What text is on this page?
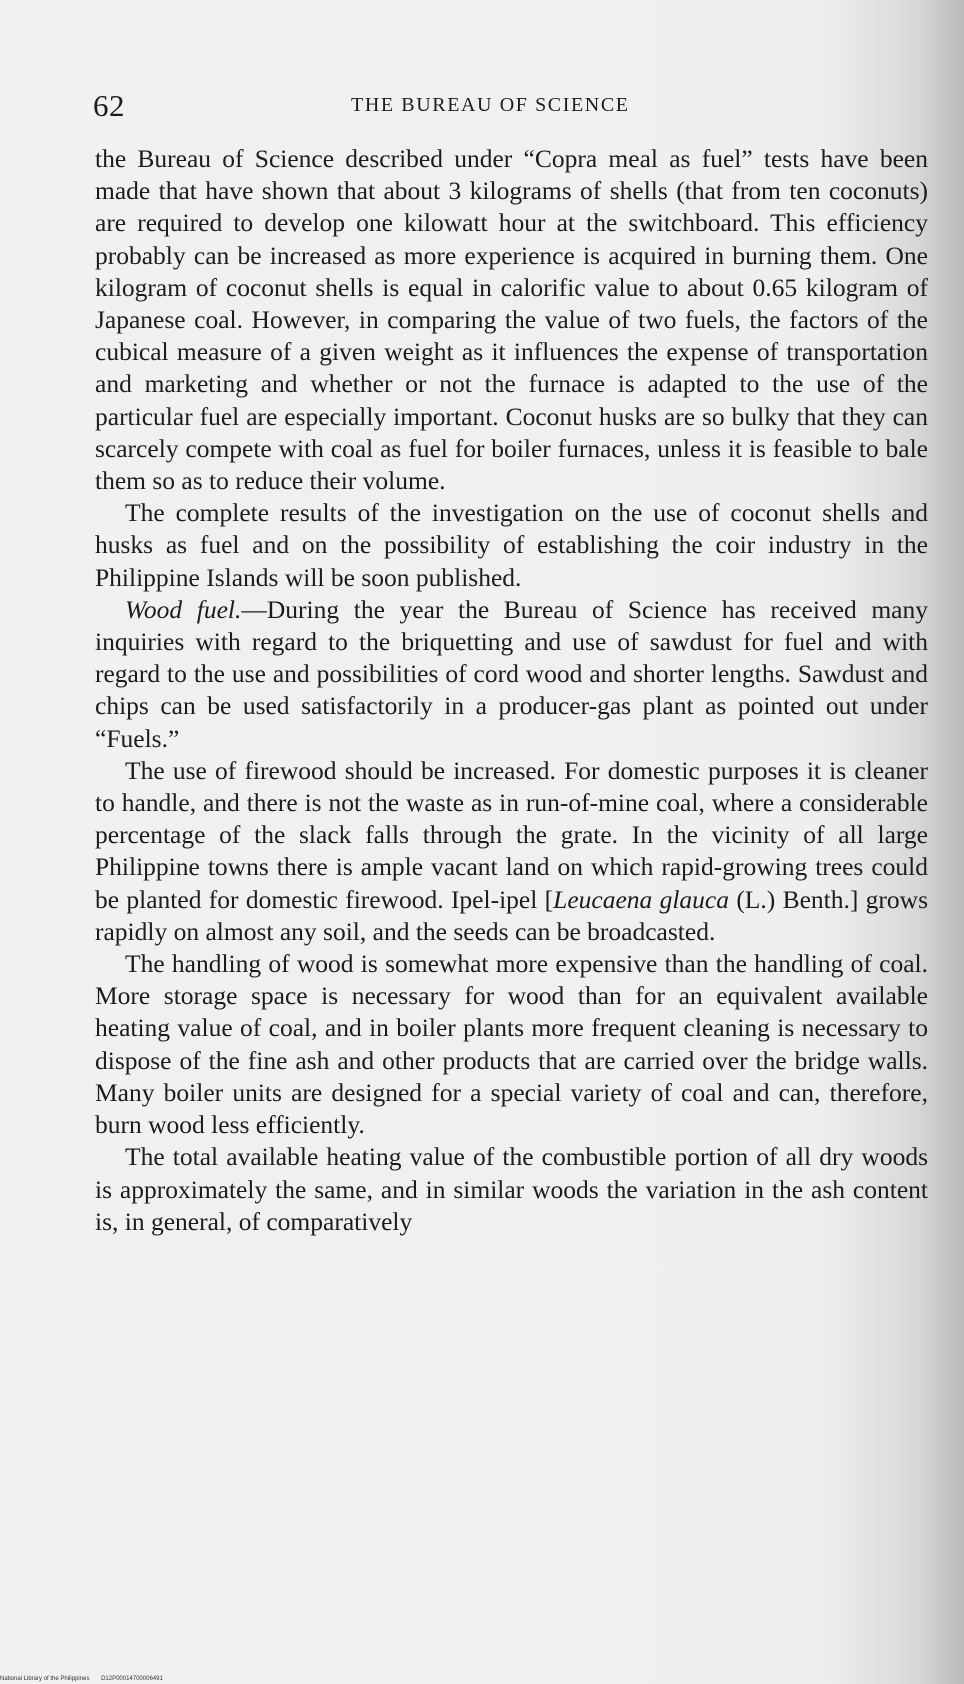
62	THE BUREAU OF SCIENCE

the Bureau of Science described under “Copra meal as fuel” tests have been made that have shown that about 3 kilograms of shells (that from ten coconuts) are required to develop one kilowatt hour at the switchboard. This efficiency probably can be increased as more experience is acquired in burning them. One kilogram of coconut shells is equal in calorific value to about 0.65 kilogram of Japanese coal. However, in comparing the value of two fuels, the factors of the cubical measure of a given weight as it influences the expense of transportation and marketing and whether or not the furnace is adapted to the use of the particular fuel are especially important. Coconut husks are so bulky that they can scarcely compete with coal as fuel for boiler furnaces, unless it is feasible to bale them so as to reduce their volume.

The complete results of the investigation on the use of coconut shells and husks as fuel and on the possibility of establishing the coir industry in the Philippine Islands will be soon published.

Wood fuel.—During the year the Bureau of Science has received many inquiries with regard to the briquetting and use of sawdust for fuel and with regard to the use and possibilities of cord wood and shorter lengths. Sawdust and chips can be used satisfactorily in a producer-gas plant as pointed out under “Fuels.”

The use of firewood should be increased. For domestic purposes it is cleaner to handle, and there is not the waste as in run-of-mine coal, where a considerable percentage of the slack falls through the grate. In the vicinity of all large Philippine towns there is ample vacant land on which rapid-growing trees could be planted for domestic firewood. Ipel-ipel [Leucaena glauca (L.) Benth.] grows rapidly on almost any soil, and the seeds can be broadcasted.

The handling of wood is somewhat more expensive than the handling of coal. More storage space is necessary for wood than for an equivalent available heating value of coal, and in boiler plants more frequent cleaning is necessary to dispose of the fine ash and other products that are carried over the bridge walls. Many boiler units are designed for a special variety of coal and can, therefore, burn wood less efficiently.

The total available heating value of the combustible portion of all dry woods is approximately the same, and in similar woods the variation in the ash content is, in general, of comparatively

National Library of the Philippines D12P00014700006491
